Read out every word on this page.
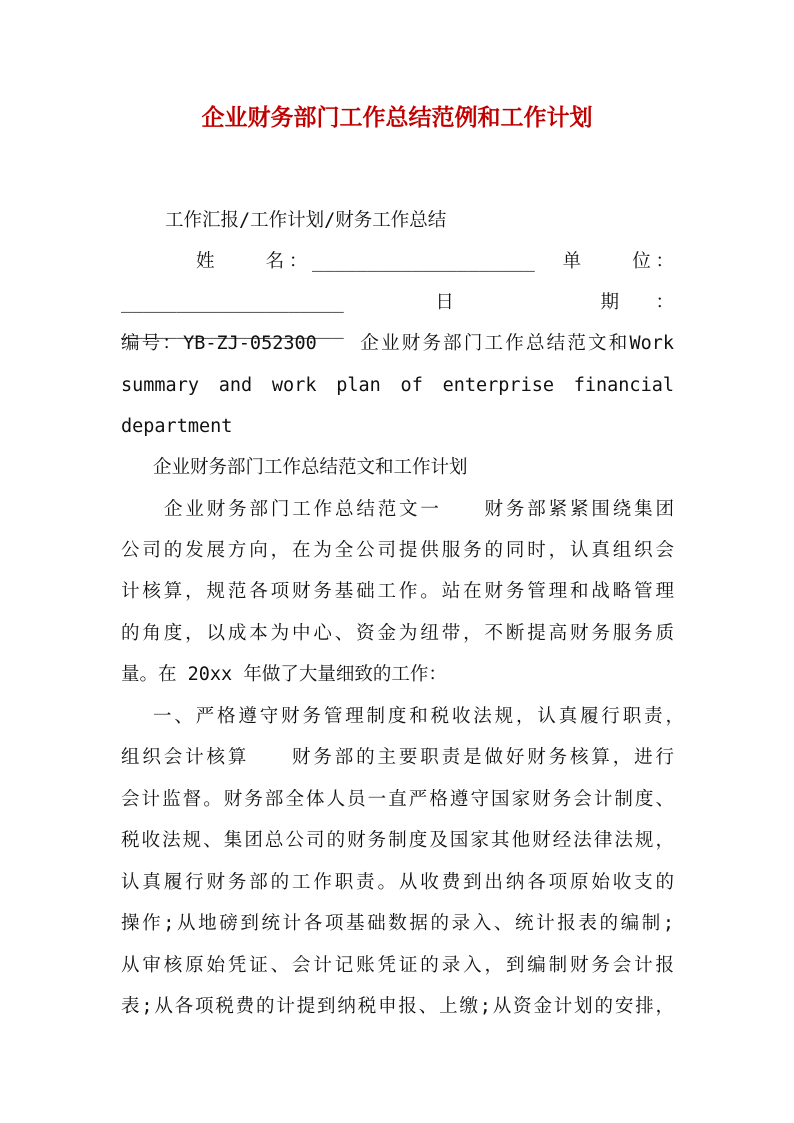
企业财务部门工作总结范例和工作计划
工作汇报/工作计划/财务工作总结
姓　　名：____________________　单　　位：
____________________　日　　期：____________________
编号：YB-ZJ-052300　　企业财务部门工作总结范文和Work
summary and work plan of enterprise financial
department
企业财务部门工作总结范文和工作计划
企业财务部门工作总结范文一　　财务部紧紧围绕集团
公司的发展方向，在为全公司提供服务的同时，认真组织会
计核算，规范各项财务基础工作。站在财务管理和战略管理
的角度，以成本为中心、资金为纽带，不断提高财务服务质
量。在 20xx 年做了大量细致的工作：
一、严格遵守财务管理制度和税收法规，认真履行职责，
组织会计核算　　财务部的主要职责是做好财务核算，进行
会计监督。财务部全体人员一直严格遵守国家财务会计制度、
税收法规、集团总公司的财务制度及国家其他财经法律法规，
认真履行财务部的工作职责。从收费到出纳各项原始收支的
操作;从地磅到统计各项基础数据的录入、统计报表的编制;
从审核原始凭证、会计记账凭证的录入，到编制财务会计报
表;从各项税费的计提到纳税申报、上缴;从资金计划的安排，
